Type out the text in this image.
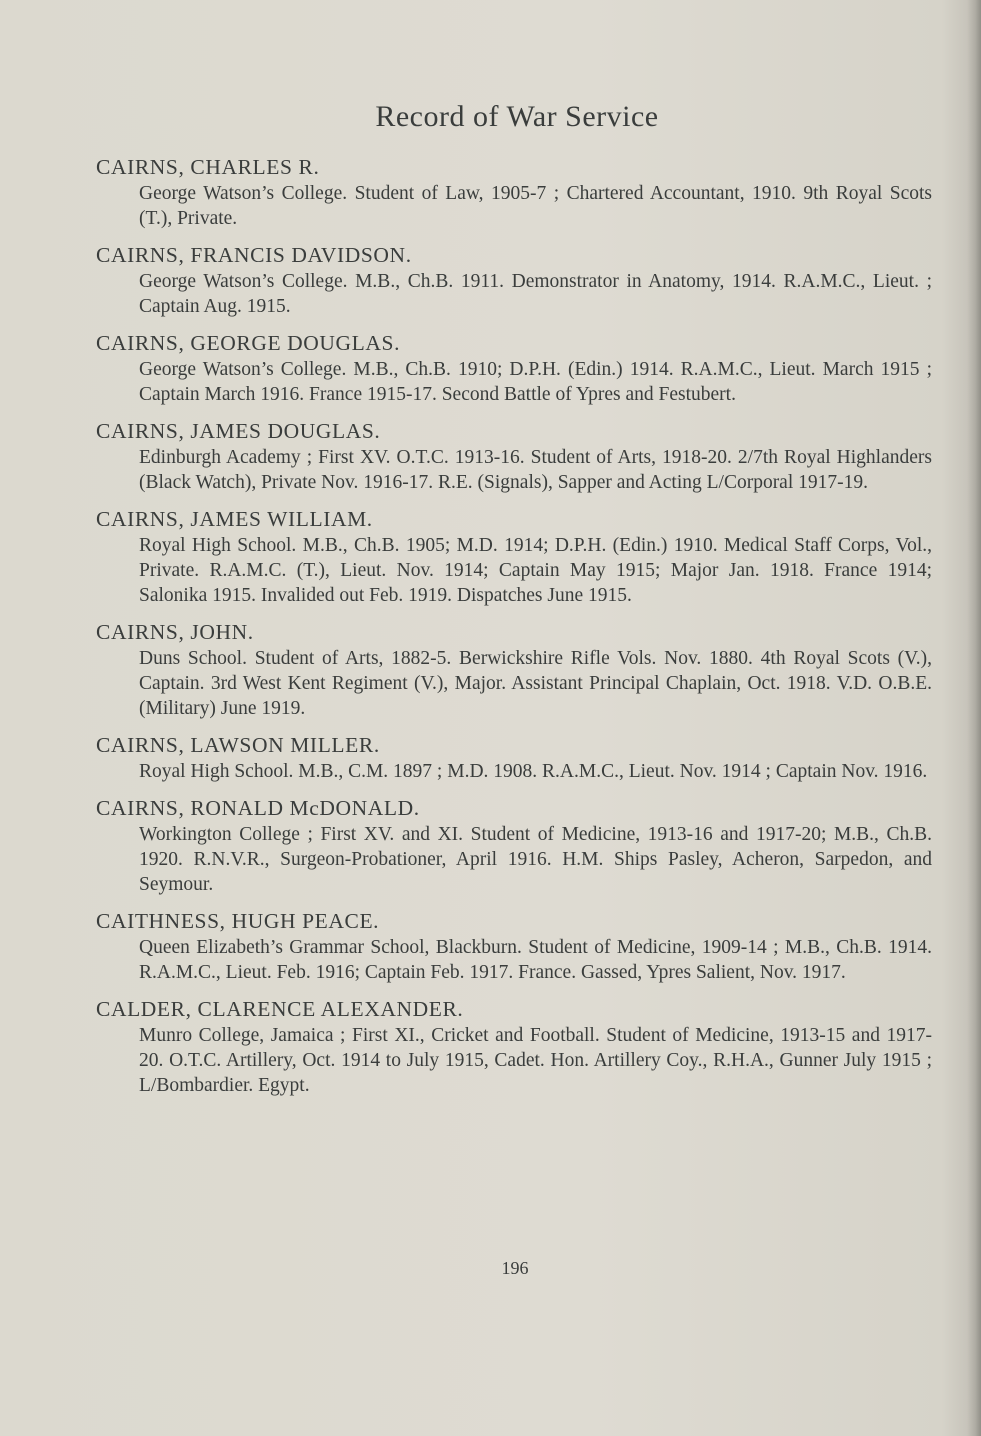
Record of War Service
CAIRNS, CHARLES R.
George Watson’s College. Student of Law, 1905-7 ; Chartered Accountant, 1910. 9th Royal Scots (T.), Private.
CAIRNS, FRANCIS DAVIDSON.
George Watson’s College. M.B., Ch.B. 1911. Demonstrator in Anatomy, 1914. R.A.M.C., Lieut. ; Captain Aug. 1915.
CAIRNS, GEORGE DOUGLAS.
George Watson’s College. M.B., Ch.B. 1910; D.P.H. (Edin.) 1914. R.A.M.C., Lieut. March 1915 ; Captain March 1916. France 1915-17. Second Battle of Ypres and Festubert.
CAIRNS, JAMES DOUGLAS.
Edinburgh Academy ; First XV. O.T.C. 1913-16. Student of Arts, 1918-20. 2/7th Royal Highlanders (Black Watch), Private Nov. 1916-17. R.E. (Signals), Sapper and Acting L/Corporal 1917-19.
CAIRNS, JAMES WILLIAM.
Royal High School. M.B., Ch.B. 1905; M.D. 1914; D.P.H. (Edin.) 1910. Medical Staff Corps, Vol., Private. R.A.M.C. (T.), Lieut. Nov. 1914; Captain May 1915; Major Jan. 1918. France 1914; Salonika 1915. Invalided out Feb. 1919. Dispatches June 1915.
CAIRNS, JOHN.
Duns School. Student of Arts, 1882-5. Berwickshire Rifle Vols. Nov. 1880. 4th Royal Scots (V.), Captain. 3rd West Kent Regiment (V.), Major. Assistant Principal Chaplain, Oct. 1918. V.D. O.B.E. (Military) June 1919.
CAIRNS, LAWSON MILLER.
Royal High School. M.B., C.M. 1897 ; M.D. 1908. R.A.M.C., Lieut. Nov. 1914 ; Captain Nov. 1916.
CAIRNS, RONALD McDONALD.
Workington College ; First XV. and XI. Student of Medicine, 1913-16 and 1917-20; M.B., Ch.B. 1920. R.N.V.R., Surgeon-Probationer, April 1916. H.M. Ships Pasley, Acheron, Sarpedon, and Seymour.
CAITHNESS, HUGH PEACE.
Queen Elizabeth’s Grammar School, Blackburn. Student of Medicine, 1909-14 ; M.B., Ch.B. 1914. R.A.M.C., Lieut. Feb. 1916; Captain Feb. 1917. France. Gassed, Ypres Salient, Nov. 1917.
CALDER, CLARENCE ALEXANDER.
Munro College, Jamaica ; First XI., Cricket and Football. Student of Medicine, 1913-15 and 1917-20. O.T.C. Artillery, Oct. 1914 to July 1915, Cadet. Hon. Artillery Coy., R.H.A., Gunner July 1915 ; L/Bombardier. Egypt.
196
